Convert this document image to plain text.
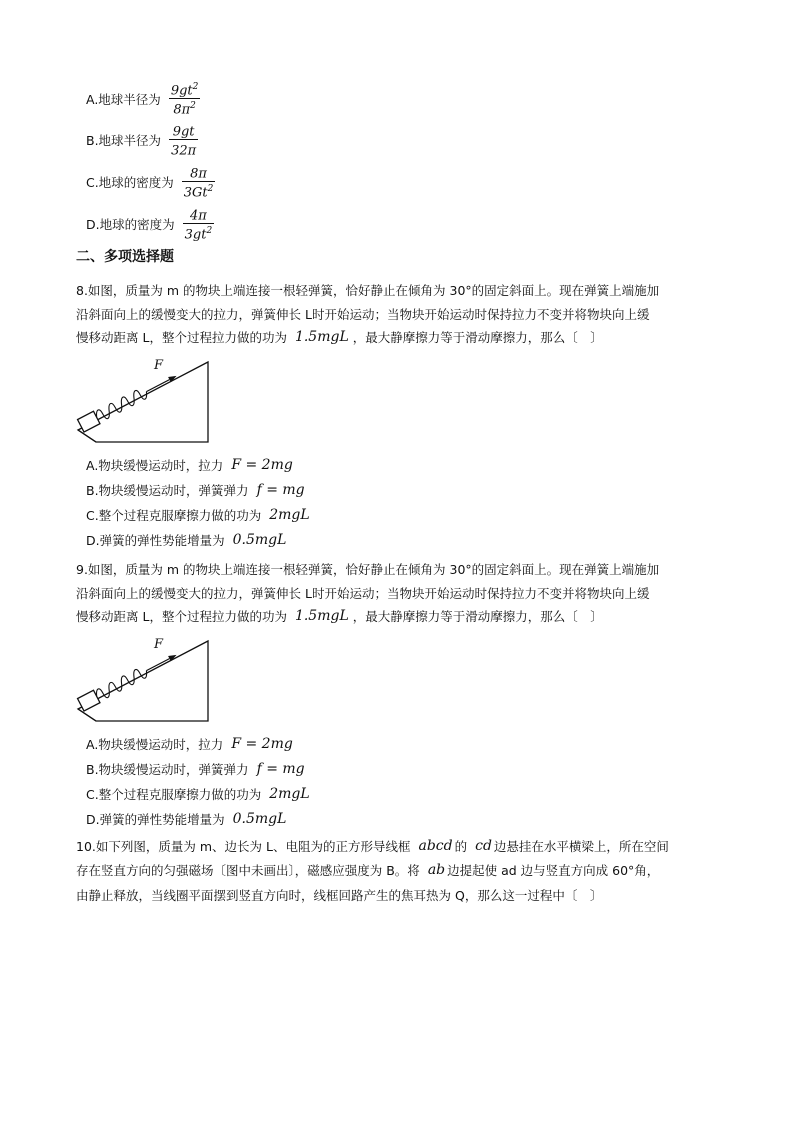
A.地球半径为 $\frac{9gt^2}{8\pi^2}$
B.地球半径为 $\frac{9gt}{32\pi}$
C.地球的密度为 $\frac{8\pi}{3Gt^2}$
D.地球的密度为 $\frac{4\pi}{3gt^2}$
二、多项选择题
8.如图，质量为 m 的物块上端连接一根轻弹簧，恰好静止在倾角为 30°的固定斜面上。现在弹簧上端施加
沿斜面向上的缓慢变大的拉力，弹簧伸长 L时开始运动；当物块开始运动时保持拉力不变并将物块向上缓
慢移动距离 L，整个过程拉力做的功为 1.5mgL ，最大静摩擦力等于滑动摩擦力，那么〔　〕
F
A.物块缓慢运动时，拉力 F = 2mg
B.物块缓慢运动时，弹簧弹力 f = mg
C.整个过程克服摩擦力做的功为 2mgL
D.弹簧的弹性势能增量为 0.5mgL
9.如图，质量为 m 的物块上端连接一根轻弹簧，恰好静止在倾角为 30°的固定斜面上。现在弹簧上端施加
沿斜面向上的缓慢变大的拉力，弹簧伸长 L时开始运动；当物块开始运动时保持拉力不变并将物块向上缓
慢移动距离 L，整个过程拉力做的功为 1.5mgL ，最大静摩擦力等于滑动摩擦力，那么〔　〕
F
A.物块缓慢运动时，拉力 F = 2mg
B.物块缓慢运动时，弹簧弹力 f = mg
C.整个过程克服摩擦力做的功为 2mgL
D.弹簧的弹性势能增量为 0.5mgL
10.如下列图，质量为 m、边长为 L、电阻为的正方形导线框 abcd 的 cd 边悬挂在水平横梁上，所在空间
存在竖直方向的匀强磁场〔图中未画出〕，磁感应强度为 B。将 ab 边提起使 ad 边与竖直方向成 60°角，
由静止释放，当线圈平面摆到竖直方向时，线框回路产生的焦耳热为 Q，那么这一过程中〔　〕
